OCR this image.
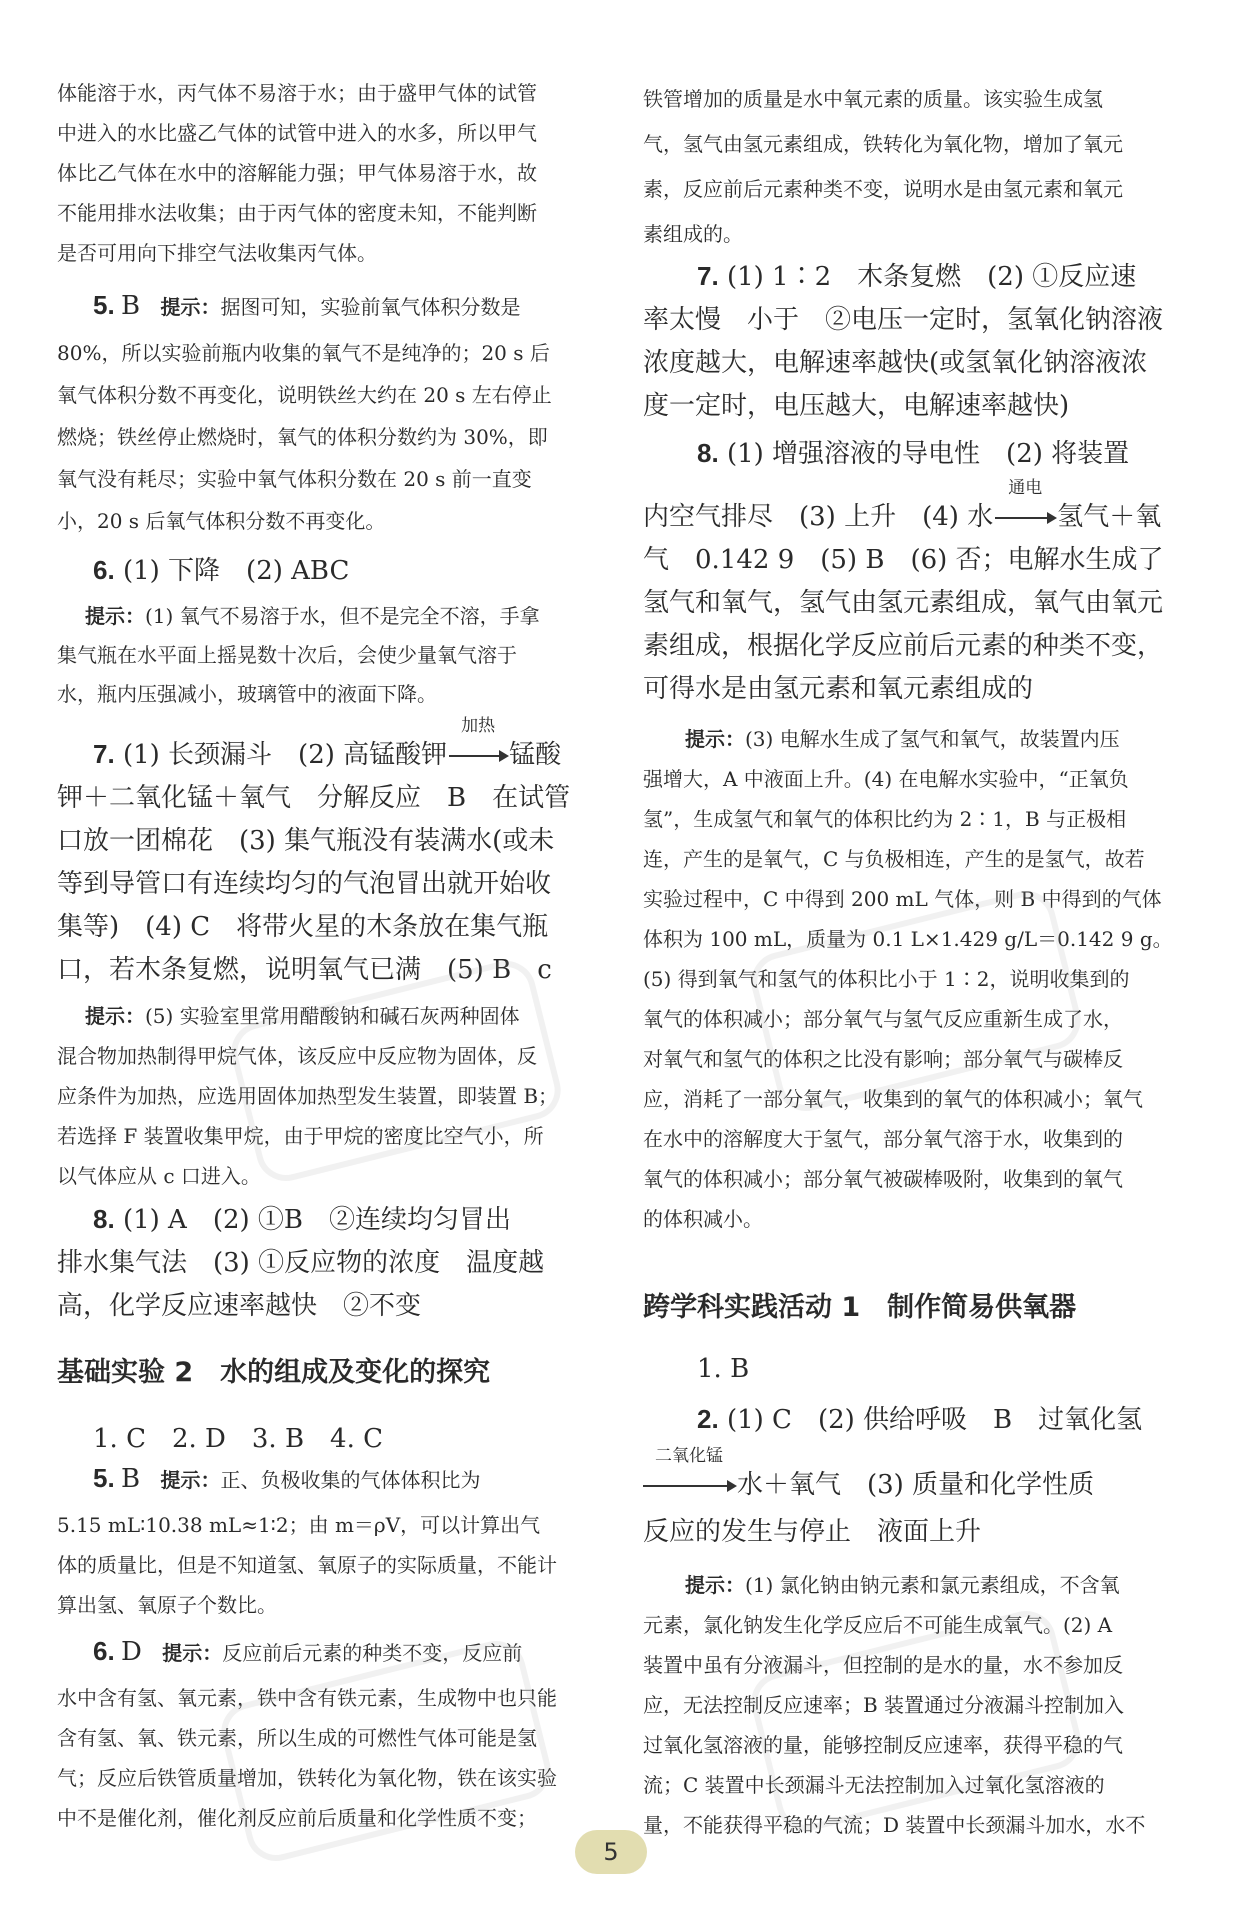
体能溶于水，丙气体不易溶于水；由于盛甲气体的试管
中进入的水比盛乙气体的试管中进入的水多，所以甲气
体比乙气体在水中的溶解能力强；甲气体易溶于水，故
不能用排水法收集；由于丙气体的密度未知，不能判断
是否可用向下排空气法收集丙气体。
5. B 提示：据图可知，实验前氧气体积分数是
80%，所以实验前瓶内收集的氧气不是纯净的；20 s 后
氧气体积分数不再变化，说明铁丝大约在 20 s 左右停止
燃烧；铁丝停止燃烧时，氧气的体积分数约为 30%，即
氧气没有耗尽；实验中氧气体积分数在 20 s 前一直变
小，20 s 后氧气体积分数不再变化。
6. (1) 下降　(2) ABC
提示：(1) 氧气不易溶于水，但不是完全不溶，手拿
集气瓶在水平面上摇晃数十次后，会使少量氧气溶于
水，瓶内压强减小，玻璃管中的液面下降。
7. (1) 长颈漏斗　(2) 高锰酸钾
加热
锰酸
钾＋二氧化锰＋氧气　分解反应　B　在试管
口放一团棉花　(3) 集气瓶没有装满水(或未
等到导管口有连续均匀的气泡冒出就开始收
集等)　(4) C　将带火星的木条放在集气瓶
口，若木条复燃，说明氧气已满　(5) B　c
提示：(5) 实验室里常用醋酸钠和碱石灰两种固体
混合物加热制得甲烷气体，该反应中反应物为固体，反
应条件为加热，应选用固体加热型发生装置，即装置 B；
若选择 F 装置收集甲烷，由于甲烷的密度比空气小，所
以气体应从 c 口进入。
8. (1) A　(2) ①B　②连续均匀冒出
排水集气法　(3) ①反应物的浓度　温度越
高，化学反应速率越快　②不变
基础实验 2　水的组成及变化的探究
1. C　2. D　3. B　4. C
5. B 提示：正、负极收集的气体体积比为
5.15 mL∶10.38 mL≈1∶2；由 m＝ρV，可以计算出气
体的质量比，但是不知道氢、氧原子的实际质量，不能计
算出氢、氧原子个数比。
6. D 提示：反应前后元素的种类不变，反应前
水中含有氢、氧元素，铁中含有铁元素，生成物中也只能
含有氢、氧、铁元素，所以生成的可燃性气体可能是氢
气；反应后铁管质量增加，铁转化为氧化物，铁在该实验
中不是催化剂，催化剂反应前后质量和化学性质不变；
铁管增加的质量是水中氧元素的质量。该实验生成氢
气，氢气由氢元素组成，铁转化为氧化物，增加了氧元
素，反应前后元素种类不变，说明水是由氢元素和氧元
素组成的。
7. (1) 1∶2　木条复燃　(2) ①反应速
率太慢　小于　②电压一定时，氢氧化钠溶液
浓度越大，电解速率越快(或氢氧化钠溶液浓
度一定时，电压越大，电解速率越快)
8. (1) 增强溶液的导电性　(2) 将装置
内空气排尽　(3) 上升　(4) 水
通电
氢气＋氧
气　0.142 9　(5) B　(6) 否；电解水生成了
氢气和氧气，氢气由氢元素组成，氧气由氧元
素组成，根据化学反应前后元素的种类不变，
可得水是由氢元素和氧元素组成的
提示：(3) 电解水生成了氢气和氧气，故装置内压
强增大，A 中液面上升。(4) 在电解水实验中，“正氧负
氢”，生成氢气和氧气的体积比约为 2∶1，B 与正极相
连，产生的是氧气，C 与负极相连，产生的是氢气，故若
实验过程中，C 中得到 200 mL 气体，则 B 中得到的气体
体积为 100 mL，质量为 0.1 L×1.429 g/L＝0.142 9 g。
(5) 得到氧气和氢气的体积比小于 1∶2，说明收集到的
氧气的体积减小；部分氧气与氢气反应重新生成了水，
对氧气和氢气的体积之比没有影响；部分氧气与碳棒反
应，消耗了一部分氧气，收集到的氧气的体积减小；氧气
在水中的溶解度大于氢气，部分氧气溶于水，收集到的
氧气的体积减小；部分氧气被碳棒吸附，收集到的氧气
的体积减小。
跨学科实践活动 1　制作简易供氧器
1. B
2. (1) C　(2) 供给呼吸　B　过氧化氢
二氧化锰
水＋氧气　(3) 质量和化学性质
反应的发生与停止　液面上升
提示：(1) 氯化钠由钠元素和氯元素组成，不含氧
元素，氯化钠发生化学反应后不可能生成氧气。(2) A
装置中虽有分液漏斗，但控制的是水的量，水不参加反
应，无法控制反应速率；B 装置通过分液漏斗控制加入
过氧化氢溶液的量，能够控制反应速率，获得平稳的气
流；C 装置中长颈漏斗无法控制加入过氧化氢溶液的
量，不能获得平稳的气流；D 装置中长颈漏斗加水，水不
5
